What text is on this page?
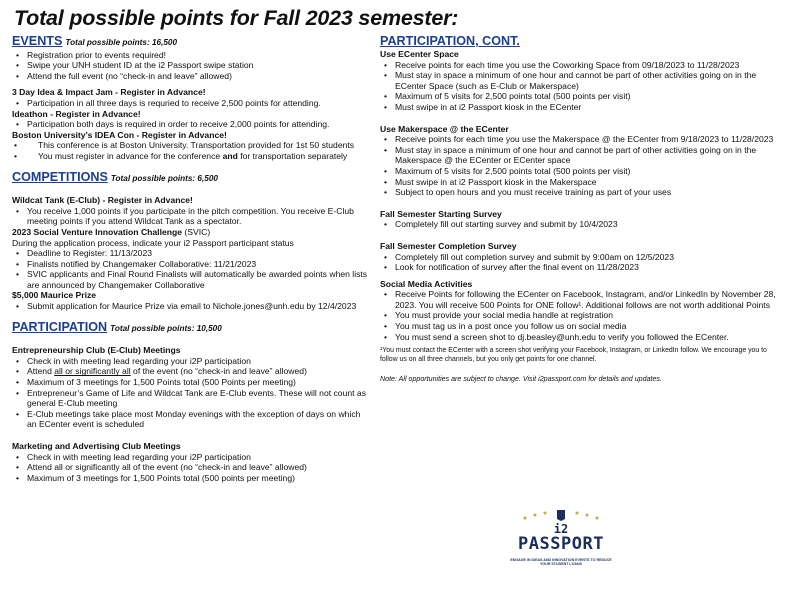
Total possible points for Fall 2023 semester:
EVENTS Total possible points: 16,500
• Registration prior to events required!
• Swipe your UNH student ID at the i2 Passport swipe station
• Attend the full event (no “check-in and leave” allowed)
3 Day Idea & Impact Jam - Register in Advance!
• Participation in all three days is requried to receive 2,500 points for attending.
Ideathon - Register in Advance!
• Participation both days is required in order to receive 2,000 points for attending.
Boston University’s IDEA Con - Register in Advance!
• This conference is at Boston University. Transportation provided for 1st 50 students
• You must register in advance for the conference and for transportation separately
COMPETITIONS Total possible points: 6,500
Wildcat Tank (E-Club) - Register in Advance!
• You receive 1,000 points if you participate in the pitch competition. You receive E-Club meeting points if you attend Wildcat Tank as a spectator.
2023 Social Venture Innovation Challenge (SVIC)
During the application process, indicate your i2 Passport participant status
• Deadline to Register: 11/13/2023
• Finalists notified by Changemaker Collaborative: 11/21/2023
• SVIC applicants and Final Round Finalists will automatically be awarded points when lists are announced by Changemaker Collaborative
$5,000 Maurice Prize
• Submit application for Maurice Prize via email to Nichole.jones@unh.edu by 12/4/2023
PARTICIPATION Total possible points: 10,500
Entrepreneurship Club (E-Club) Meetings
• Check in with meeting lead regarding your i2P participation
• Attend all or significantly all of the event (no “check-in and leave” allowed)
• Maximum of 3 meetings for 1,500 Points total (500 Points per meeting)
• Entrepreneur’s Game of Life and Wildcat Tank are E-Club events. These will not count as general E-Club meeting
• E-Club meetings take place most Monday evenings with the exception of days on which an ECenter event is scheduled
Marketing and Advertising Club Meetings
• Check in with meeting lead regarding your i2P participation
• Attend all or significantly all of the event (no “check-in and leave” allowed)
• Maximum of 3 meetings for 1,500 Points total (500 points per meeting)
PARTICIPATION, CONT.
Use ECenter Space
• Receive points for each time you use the Coworking Space from 09/18/2023 to 11/28/2023
• Must stay in space a minimum of one hour and cannot be part of other activities going on in the ECenter Space (such as E-Club or Makerspace)
• Maximum of 5 visits for 2,500 points total (500 points per visit)
• Must swipe in at i2 Passport kiosk in the ECenter
Use Makerspace @ the ECenter
• Receive points for each time you use the Makerspace @ the ECenter from 9/18/2023 to 11/28/2023
• Must stay in space a minimum of one hour and cannot be part of other activities going on in the Makerspace @ the ECenter or ECenter space
• Maximum of 5 visits for 2,500 points total (500 points per visit)
• Must swipe in at i2 Passport kiosk in the Makerspace
• Subject to open hours and you must receive training as part of your uses
Fall Semester Starting Survey
• Completely fill out starting survey and submit by 10/4/2023
Fall Semester Completion Survey
• Completely fill out completion survey and submit by 9:00am on 12/5/2023
• Look for notification of survey after the final event on 11/28/2023
Social Media Activities
• Receive Points for following the ECenter on Facebook, Instagram, and/or LinkedIn by November 28, 2023. You will receive 500 Points for ONE follow¹. Additional follows are not worth additional Points
• You must provide your social media handle at registration
• You must tag us in a post once you follow us on social media
• You must send a screen shot to dj.beasley@unh.edu to verify you followed the ECenter.
¹You must contact the ECenter with a screen shot verifying your Facebook, Instagram, or LinkedIn follow. We encourage you to follow us on all three channels, but you only get points for one channel.
Note: All opportunities are subject to change. Visit i2passport.com for details and updates.
i2
PASSPORT
ENGAGE IN IDEAS AND INNOVATION EVENTS TO REDUCE YOUR STUDENT LOANS
